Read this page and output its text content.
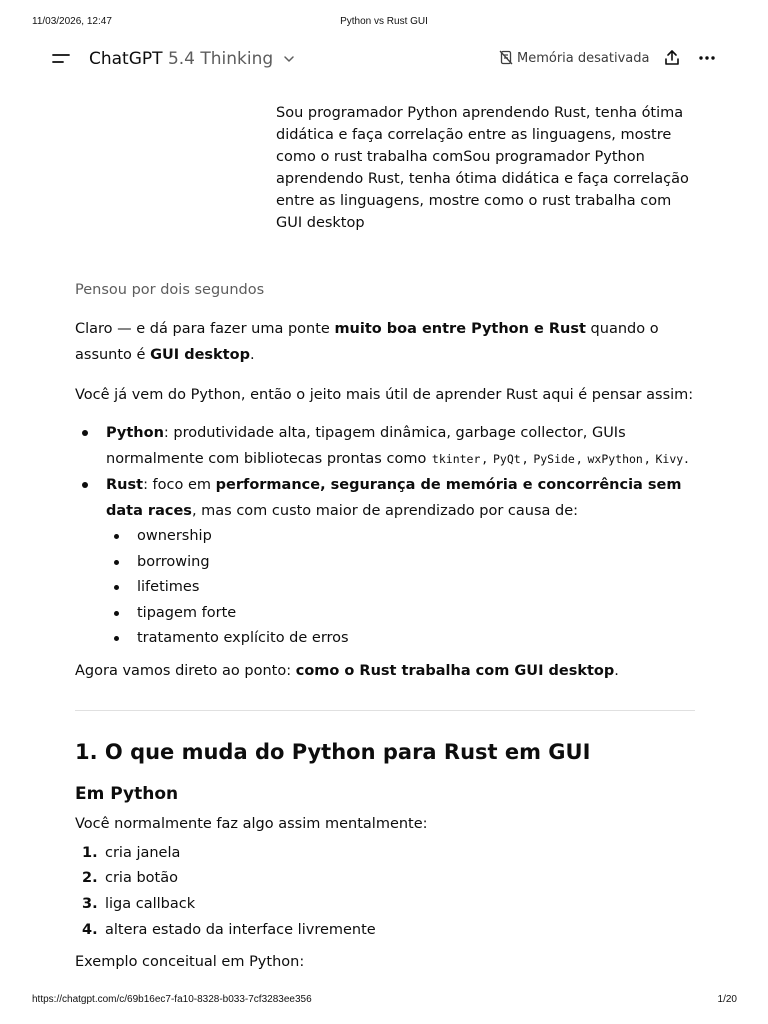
11/03/2026, 12:47	Python vs Rust GUI
ChatGPT 5.4 Thinking	Memória desativada
Sou programador Python aprendendo Rust, tenha ótima didática e faça correlação entre as linguagens, mostre como o rust trabalha comSou programador Python aprendendo Rust, tenha ótima didática e faça correlação entre as linguagens, mostre como o rust trabalha com GUI desktop

Pensou por dois segundos

Claro — e dá para fazer uma ponte muito boa entre Python e Rust quando o assunto é GUI desktop.

Você já vem do Python, então o jeito mais útil de aprender Rust aqui é pensar assim:

Python: produtividade alta, tipagem dinâmica, garbage collector, GUIs normalmente com bibliotecas prontas como tkinter , PyQt , PySide , wxPython , Kivy.
Rust: foco em performance, segurança de memória e concorrência sem data races, mas com custo maior de aprendizado por causa de:
ownership
borrowing
lifetimes
tipagem forte
tratamento explícito de erros

Agora vamos direto ao ponto: como o Rust trabalha com GUI desktop.

1. O que muda do Python para Rust em GUI
Em Python

Você normalmente faz algo assim mentalmente:

1. cria janela
2. cria botão
3. liga callback
4. altera estado da interface livremente

Exemplo conceitual em Python:

https://chatgpt.com/c/69b16ec7-fa10-8328-b033-7cf3283ee356	1/20
